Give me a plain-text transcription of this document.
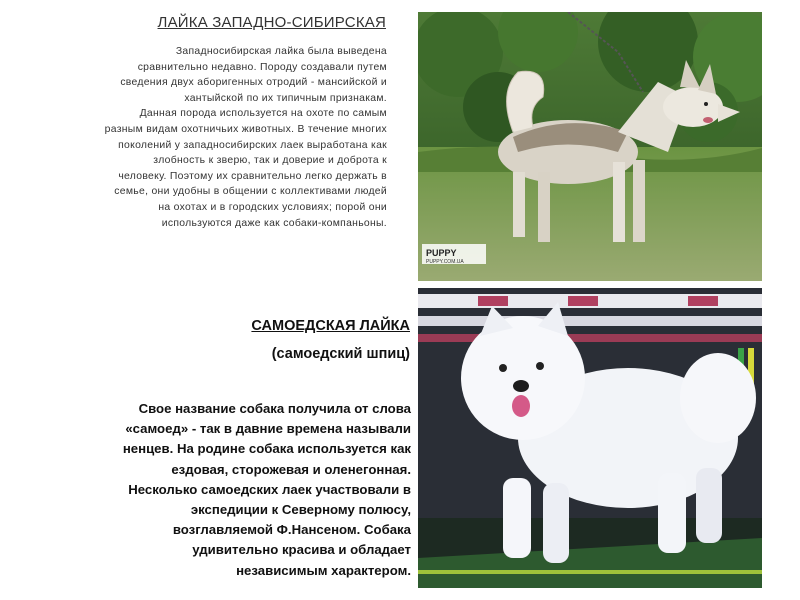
ЛАЙКА ЗАПАДНО-СИБИРСКАЯ

Западносибирская лайка была выведена
сравнительно недавно. Породу создавали путем
сведения двух аборигенных отродий - мансийской и
хантыйской по их типичным признакам.
Данная порода используется на охоте по самым
разным видам охотничьих животных. В течение многих
поколений у западносибирских лаек выработана как
злобность к зверю, так и доверие и доброта к
человеку. Поэтому их сравнительно легко держать в
семье, они удобны в общении с коллективами людей
на охотах и в городских условиях; порой они
используются даже как собаки-компаньоны.

PUPPY
PUPPY.COM.UA
САМОЕДСКАЯ ЛАЙКА
(самоедский шпиц)

Свое название собака получила от слова
«самоед» - так в давние времена называли
ненцев. На родине собака используется как
ездовая, сторожевая и оленегонная.
Несколько самоедских лаек участвовали в
экспедиции к Северному полюсу,
возглавляемой Ф.Нансеном. Собака
удивительно красива и обладает
независимым характером.
